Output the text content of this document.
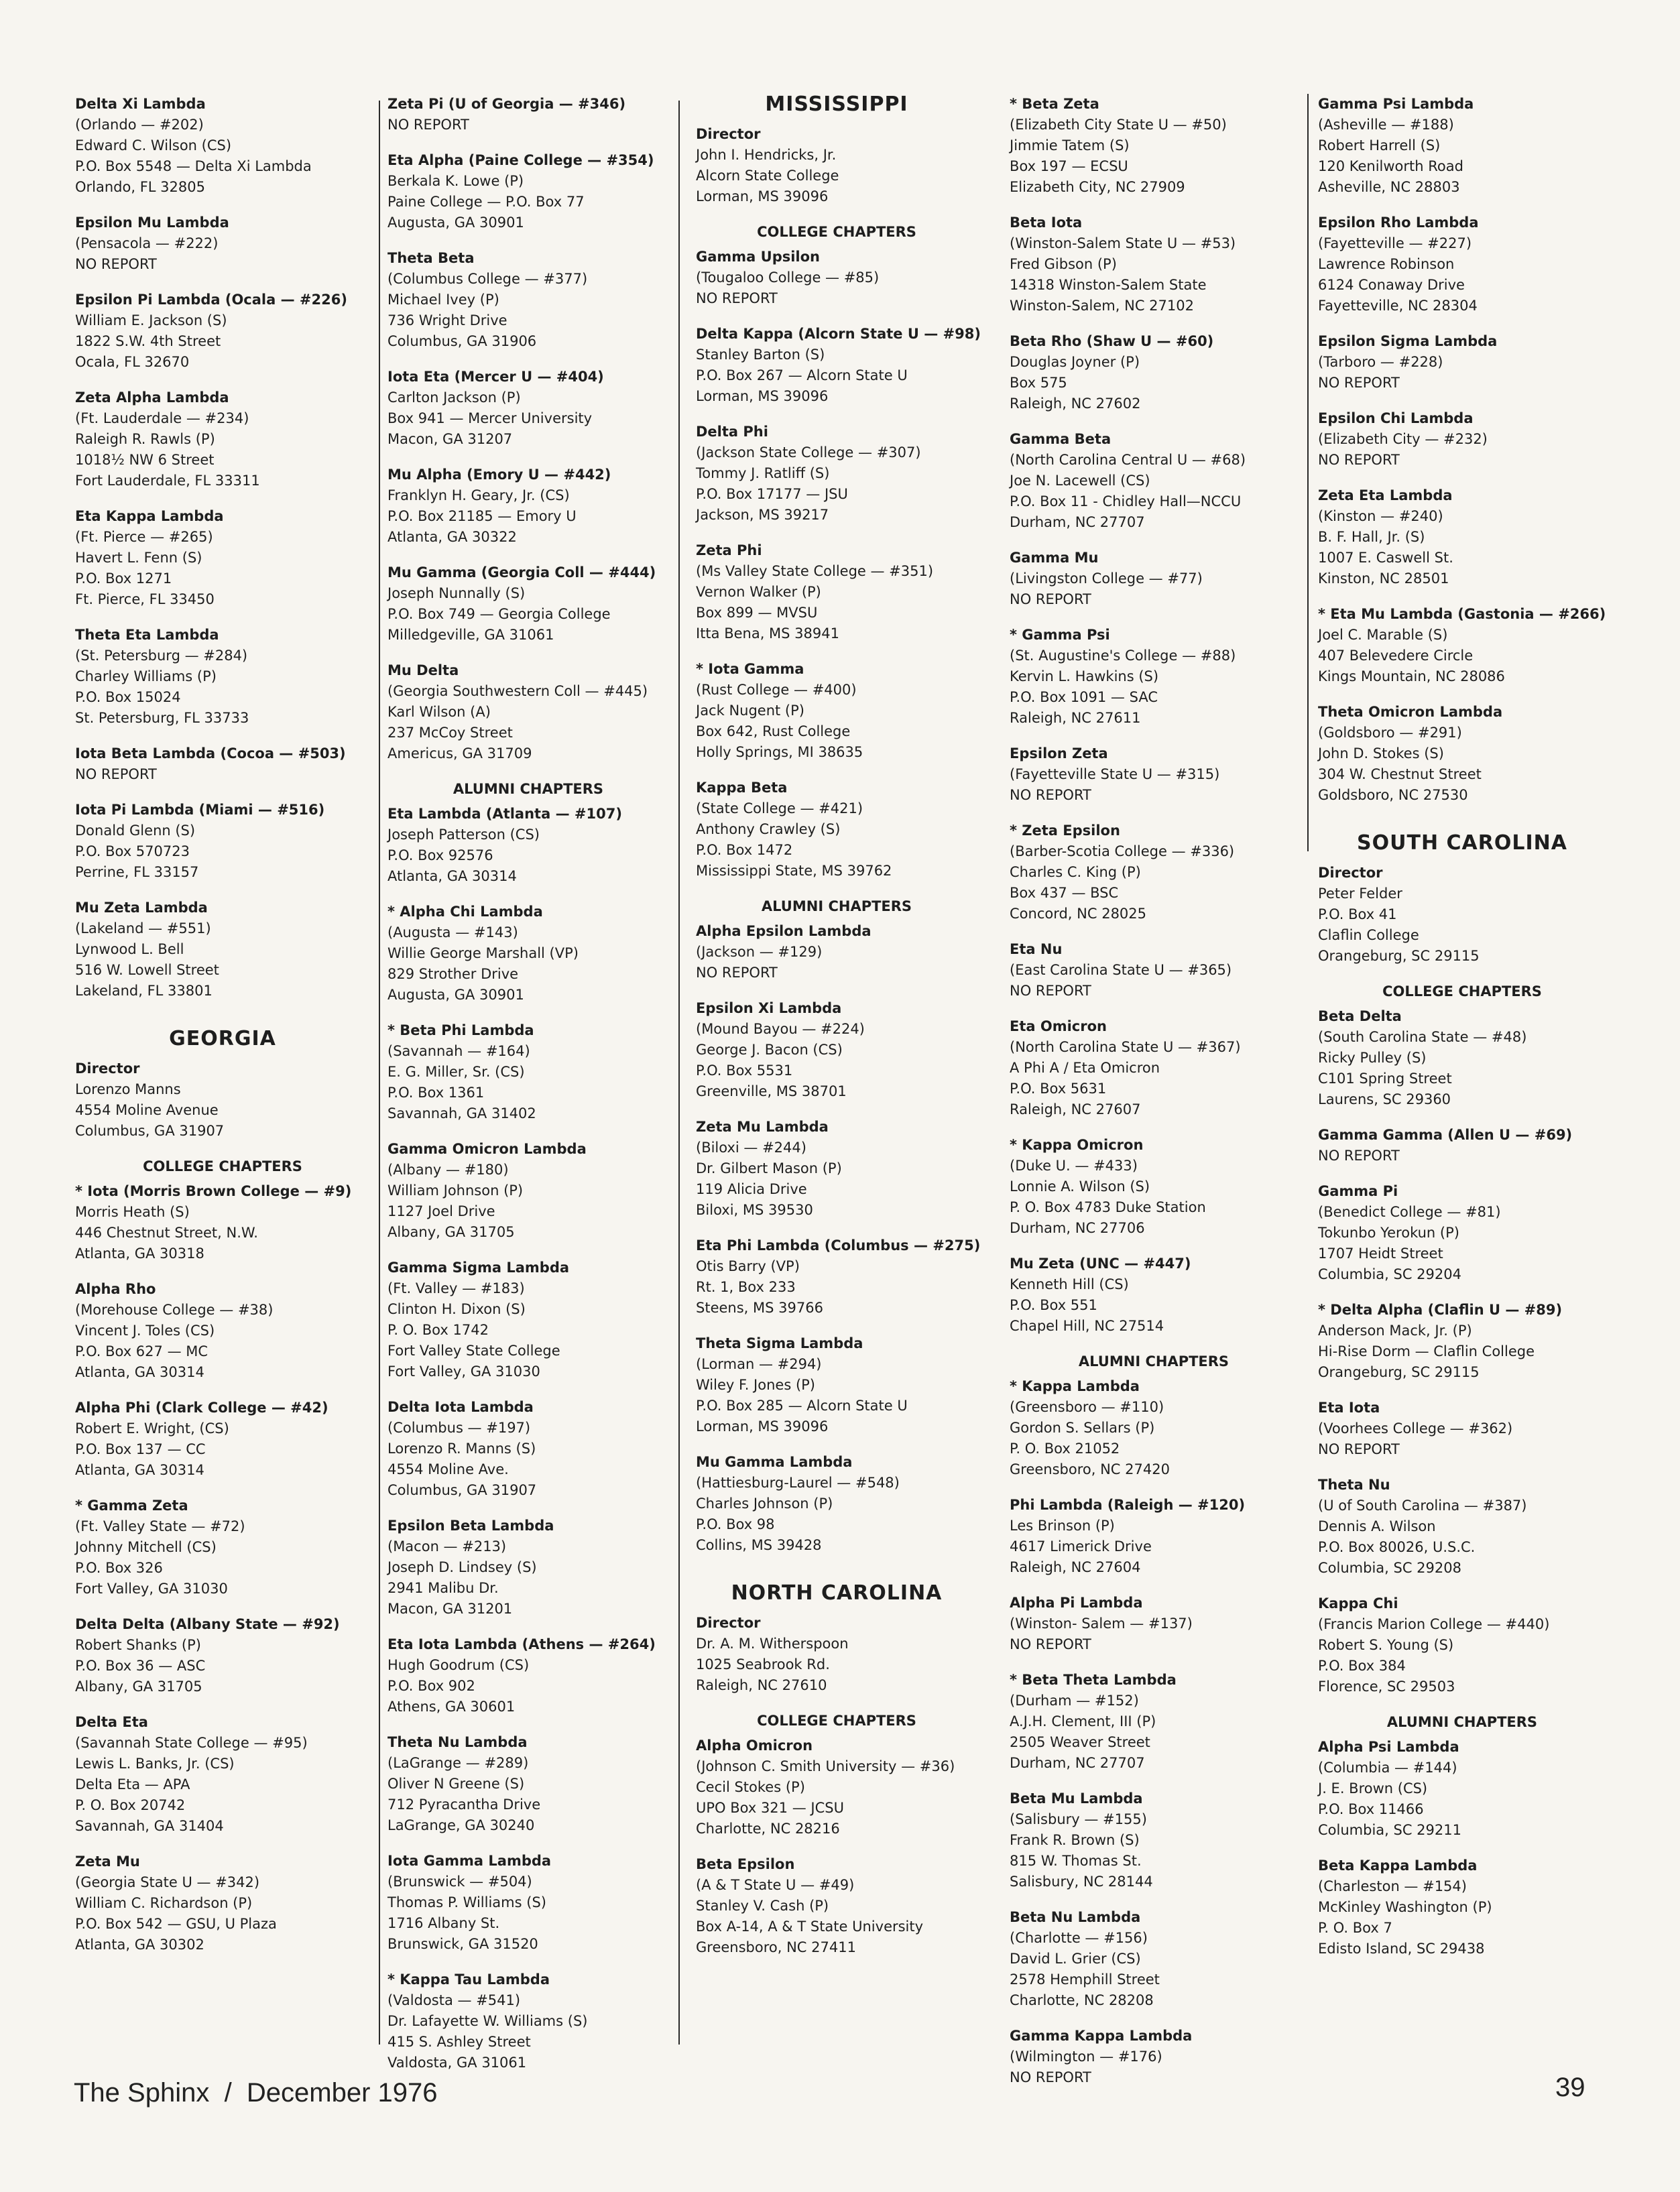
Delta Xi Lambda
(Orlando — #202)
Edward C. Wilson (CS)
P.O. Box 5548 — Delta Xi Lambda
Orlando, FL 32805
Epsilon Mu Lambda
(Pensacola — #222)
NO REPORT
Epsilon Pi Lambda (Ocala — #226)
William E. Jackson (S)
1822 S.W. 4th Street
Ocala, FL 32670
Zeta Alpha Lambda
(Ft. Lauderdale — #234)
Raleigh R. Rawls (P)
1018½ NW 6 Street
Fort Lauderdale, FL 33311
Eta Kappa Lambda
(Ft. Pierce — #265)
Havert L. Fenn (S)
P.O. Box 1271
Ft. Pierce, FL 33450
Theta Eta Lambda
(St. Petersburg — #284)
Charley Williams (P)
P.O. Box 15024
St. Petersburg, FL 33733
Iota Beta Lambda (Cocoa — #503)
NO REPORT
Iota Pi Lambda (Miami — #516)
Donald Glenn (S)
P.O. Box 570723
Perrine, FL 33157
Mu Zeta Lambda
(Lakeland — #551)
Lynwood L. Bell
516 W. Lowell Street
Lakeland, FL 33801
GEORGIA
Director
Lorenzo Manns
4554 Moline Avenue
Columbus, GA 31907
COLLEGE CHAPTERS
* Iota (Morris Brown College — #9)
Morris Heath (S)
446 Chestnut Street, N.W.
Atlanta, GA 30318
Alpha Rho
(Morehouse College — #38)
Vincent J. Toles (CS)
P.O. Box 627 — MC
Atlanta, GA 30314
Alpha Phi (Clark College — #42)
Robert E. Wright, (CS)
P.O. Box 137 — CC
Atlanta, GA 30314
* Gamma Zeta
(Ft. Valley State — #72)
Johnny Mitchell (CS)
P.O. Box 326
Fort Valley, GA 31030
Delta Delta (Albany State — #92)
Robert Shanks (P)
P.O. Box 36 — ASC
Albany, GA 31705
Delta Eta
(Savannah State College — #95)
Lewis L. Banks, Jr. (CS)
Delta Eta — APA
P. O. Box 20742
Savannah, GA 31404
Zeta Mu
(Georgia State U — #342)
William C. Richardson (P)
P.O. Box 542 — GSU, U Plaza
Atlanta, GA 30302
Zeta Pi (U of Georgia — #346)
NO REPORT
Eta Alpha (Paine College — #354)
Berkala K. Lowe (P)
Paine College — P.O. Box 77
Augusta, GA 30901
Theta Beta
(Columbus College — #377)
Michael Ivey (P)
736 Wright Drive
Columbus, GA 31906
Iota Eta (Mercer U — #404)
Carlton Jackson (P)
Box 941 — Mercer University
Macon, GA 31207
Mu Alpha (Emory U — #442)
Franklyn H. Geary, Jr. (CS)
P.O. Box 21185 — Emory U
Atlanta, GA 30322
Mu Gamma (Georgia Coll — #444)
Joseph Nunnally (S)
P.O. Box 749 — Georgia College
Milledgeville, GA 31061
Mu Delta
(Georgia Southwestern Coll — #445)
Karl Wilson (A)
237 McCoy Street
Americus, GA 31709
ALUMNI CHAPTERS
Eta Lambda (Atlanta — #107)
Joseph Patterson (CS)
P.O. Box 92576
Atlanta, GA 30314
* Alpha Chi Lambda
(Augusta — #143)
Willie George Marshall (VP)
829 Strother Drive
Augusta, GA 30901
* Beta Phi Lambda
(Savannah — #164)
E. G. Miller, Sr. (CS)
P.O. Box 1361
Savannah, GA 31402
Gamma Omicron Lambda
(Albany — #180)
William Johnson (P)
1127 Joel Drive
Albany, GA 31705
Gamma Sigma Lambda
(Ft. Valley — #183)
Clinton H. Dixon (S)
P. O. Box 1742
Fort Valley State College
Fort Valley, GA 31030
Delta Iota Lambda
(Columbus — #197)
Lorenzo R. Manns (S)
4554 Moline Ave.
Columbus, GA 31907
Epsilon Beta Lambda
(Macon — #213)
Joseph D. Lindsey (S)
2941 Malibu Dr.
Macon, GA 31201
Eta Iota Lambda (Athens — #264)
Hugh Goodrum (CS)
P.O. Box 902
Athens, GA 30601
Theta Nu Lambda
(LaGrange — #289)
Oliver N Greene (S)
712 Pyracantha Drive
LaGrange, GA 30240
Iota Gamma Lambda
(Brunswick — #504)
Thomas P. Williams (S)
1716 Albany St.
Brunswick, GA 31520
* Kappa Tau Lambda
(Valdosta — #541)
Dr. Lafayette W. Williams (S)
415 S. Ashley Street
Valdosta, GA 31061
MISSISSIPPI
Director
John I. Hendricks, Jr.
Alcorn State College
Lorman, MS 39096
COLLEGE CHAPTERS
Gamma Upsilon
(Tougaloo College — #85)
NO REPORT
Delta Kappa (Alcorn State U — #98)
Stanley Barton (S)
P.O. Box 267 — Alcorn State U
Lorman, MS 39096
Delta Phi
(Jackson State College — #307)
Tommy J. Ratliff (S)
P.O. Box 17177 — JSU
Jackson, MS 39217
Zeta Phi
(Ms Valley State College — #351)
Vernon Walker (P)
Box 899 — MVSU
Itta Bena, MS 38941
* Iota Gamma
(Rust College — #400)
Jack Nugent (P)
Box 642, Rust College
Holly Springs, MI 38635
Kappa Beta
(State College — #421)
Anthony Crawley (S)
P.O. Box 1472
Mississippi State, MS 39762
ALUMNI CHAPTERS
Alpha Epsilon Lambda
(Jackson — #129)
NO REPORT
Epsilon Xi Lambda
(Mound Bayou — #224)
George J. Bacon (CS)
P.O. Box 5531
Greenville, MS 38701
Zeta Mu Lambda
(Biloxi — #244)
Dr. Gilbert Mason (P)
119 Alicia Drive
Biloxi, MS 39530
Eta Phi Lambda (Columbus — #275)
Otis Barry (VP)
Rt. 1, Box 233
Steens, MS 39766
Theta Sigma Lambda
(Lorman — #294)
Wiley F. Jones (P)
P.O. Box 285 — Alcorn State U
Lorman, MS 39096
Mu Gamma Lambda
(Hattiesburg-Laurel — #548)
Charles Johnson (P)
P.O. Box 98
Collins, MS 39428
NORTH CAROLINA
Director
Dr. A. M. Witherspoon
1025 Seabrook Rd.
Raleigh, NC 27610
COLLEGE CHAPTERS
Alpha Omicron
(Johnson C. Smith University — #36)
Cecil Stokes (P)
UPO Box 321 — JCSU
Charlotte, NC 28216
Beta Epsilon
(A & T State U — #49)
Stanley V. Cash (P)
Box A-14, A & T State University
Greensboro, NC 27411
* Beta Zeta
(Elizabeth City State U — #50)
Jimmie Tatem (S)
Box 197 — ECSU
Elizabeth City, NC 27909
Beta Iota
(Winston-Salem State U — #53)
Fred Gibson (P)
14318 Winston-Salem State
Winston-Salem, NC 27102
Beta Rho (Shaw U — #60)
Douglas Joyner (P)
Box 575
Raleigh, NC 27602
Gamma Beta
(North Carolina Central U — #68)
Joe N. Lacewell (CS)
P.O. Box 11 - Chidley Hall—NCCU
Durham, NC 27707
Gamma Mu
(Livingston College — #77)
NO REPORT
* Gamma Psi
(St. Augustine's College — #88)
Kervin L. Hawkins (S)
P.O. Box 1091 — SAC
Raleigh, NC 27611
Epsilon Zeta
(Fayetteville State U — #315)
NO REPORT
* Zeta Epsilon
(Barber-Scotia College — #336)
Charles C. King (P)
Box 437 — BSC
Concord, NC 28025
Eta Nu
(East Carolina State U — #365)
NO REPORT
Eta Omicron
(North Carolina State U — #367)
A Phi A / Eta Omicron
P.O. Box 5631
Raleigh, NC 27607
* Kappa Omicron
(Duke U. — #433)
Lonnie A. Wilson (S)
P. O. Box 4783 Duke Station
Durham, NC 27706
Mu Zeta (UNC — #447)
Kenneth Hill (CS)
P.O. Box 551
Chapel Hill, NC 27514
ALUMNI CHAPTERS
* Kappa Lambda
(Greensboro — #110)
Gordon S. Sellars (P)
P. O. Box 21052
Greensboro, NC 27420
Phi Lambda (Raleigh — #120)
Les Brinson (P)
4617 Limerick Drive
Raleigh, NC 27604
Alpha Pi Lambda
(Winston- Salem — #137)
NO REPORT
* Beta Theta Lambda
(Durham — #152)
A.J.H. Clement, III (P)
2505 Weaver Street
Durham, NC 27707
Beta Mu Lambda
(Salisbury — #155)
Frank R. Brown (S)
815 W. Thomas St.
Salisbury, NC 28144
Beta Nu Lambda
(Charlotte — #156)
David L. Grier (CS)
2578 Hemphill Street
Charlotte, NC 28208
Gamma Kappa Lambda
(Wilmington — #176)
NO REPORT
Gamma Psi Lambda
(Asheville — #188)
Robert Harrell (S)
120 Kenilworth Road
Asheville, NC 28803
Epsilon Rho Lambda
(Fayetteville — #227)
Lawrence Robinson
6124 Conaway Drive
Fayetteville, NC 28304
Epsilon Sigma Lambda
(Tarboro — #228)
NO REPORT
Epsilon Chi Lambda
(Elizabeth City — #232)
NO REPORT
Zeta Eta Lambda
(Kinston — #240)
B. F. Hall, Jr. (S)
1007 E. Caswell St.
Kinston, NC 28501
* Eta Mu Lambda (Gastonia — #266)
Joel C. Marable (S)
407 Belevedere Circle
Kings Mountain, NC 28086
Theta Omicron Lambda
(Goldsboro — #291)
John D. Stokes (S)
304 W. Chestnut Street
Goldsboro, NC 27530
SOUTH CAROLINA
Director
Peter Felder
P.O. Box 41
Claflin College
Orangeburg, SC 29115
COLLEGE CHAPTERS
Beta Delta
(South Carolina State — #48)
Ricky Pulley (S)
C101 Spring Street
Laurens, SC 29360
Gamma Gamma (Allen U — #69)
NO REPORT
Gamma Pi
(Benedict College — #81)
Tokunbo Yerokun (P)
1707 Heidt Street
Columbia, SC 29204
* Delta Alpha (Claflin U — #89)
Anderson Mack, Jr. (P)
Hi-Rise Dorm — Claflin College
Orangeburg, SC 29115
Eta Iota
(Voorhees College — #362)
NO REPORT
Theta Nu
(U of South Carolina — #387)
Dennis A. Wilson
P.O. Box 80026, U.S.C.
Columbia, SC 29208
Kappa Chi
(Francis Marion College — #440)
Robert S. Young (S)
P.O. Box 384
Florence, SC 29503
ALUMNI CHAPTERS
Alpha Psi Lambda
(Columbia — #144)
J. E. Brown (CS)
P.O. Box 11466
Columbia, SC 29211
Beta Kappa Lambda
(Charleston — #154)
McKinley Washington (P)
P. O. Box 7
Edisto Island, SC 29438
The Sphinx  /  December 1976	39
